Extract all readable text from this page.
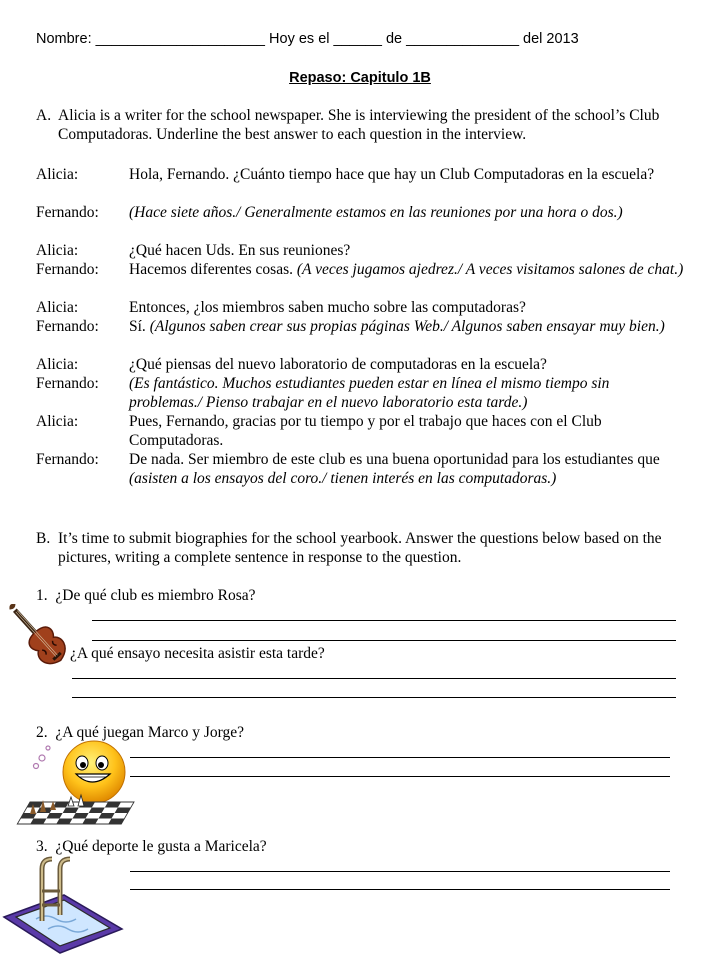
Nombre: _____________________ Hoy es el ______ de ______________ del 2013
Repaso: Capitulo 1B
A. Alicia is a writer for the school newspaper. She is interviewing the president of the school’s Club Computadoras. Underline the best answer to each question in the interview.
Alicia:	Hola, Fernando. ¿Cuánto tiempo hace que hay un Club Computadoras en la escuela?
Fernando: (Hace siete años./ Generalmente estamos en las reuniones por una hora o dos.)
Alicia:	¿Qué hacen Uds. En sus reuniones?
Fernando: Hacemos diferentes cosas. (A veces jugamos ajedrez./ A veces visitamos salones de chat.)
Alicia:	Entonces, ¿los miembros saben mucho sobre las computadoras?
Fernando: Sí. (Algunos saben crear sus propias páginas Web./ Algunos saben ensayar muy bien.)
Alicia:	¿Qué piensas del nuevo laboratorio de computadoras en la escuela?
Fernando: (Es fantástico. Muchos estudiantes pueden estar en línea el mismo tiempo sin problemas./ Pienso trabajar en el nuevo laboratorio esta tarde.)
Alicia:	Pues, Fernando, gracias por tu tiempo y por el trabajo que haces con el Club Computadoras.
Fernando: De nada. Ser miembro de este club es una buena oportunidad para los estudiantes que (asisten a los ensayos del coro./ tienen interés en las computadoras.)
B. It’s time to submit biographies for the school yearbook. Answer the questions below based on the pictures, writing a complete sentence in response to the question.
1. ¿De qué club es miembro Rosa?
¿A qué ensayo necesita asistir esta tarde?
2. ¿A qué juegan Marco y Jorge?
3. ¿Qué deporte le gusta a Maricela?
